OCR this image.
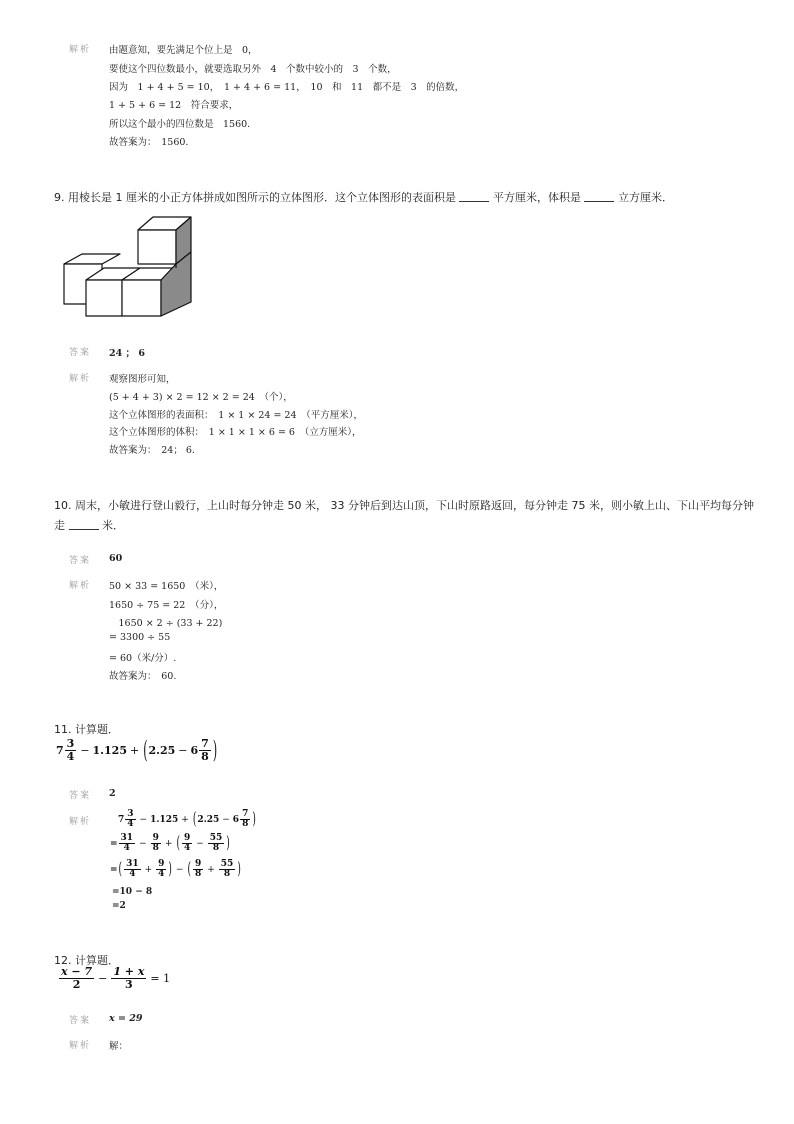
解析 由题意知，要先满足个位上是　0，
要使这个四位数最小，就要选取另外　4　个数中较小的　3　个数，
因为　1 + 4 + 5 = 10，　1 + 4 + 6 = 11，　10　和　11　都不是　3　的倍数，
1 + 5 + 6 = 12　符合要求，
所以这个最小的四位数是　1560.
故答案为：　1560.
9. 用棱长是 1 厘米的小正方体拼成如图所示的立体图形．这个立体图形的表面积是	平方厘米，体积是	立方厘米．
答案 24 ； 6
解析 观察图形可知，
(5 + 4 + 3) × 2 = 12 × 2 = 24　（个），
这个立体图形的表面积：　1 × 1 × 24 = 24　（平方厘米），
这个立体图形的体积：　1 × 1 × 1 × 6 = 6　（立方厘米），
故答案为：　24； 6.
10. 周末，小敏进行登山毅行，上山时每分钟走 50 米， 33 分钟后到达山顶，下山时原路返回，每分钟走 75 米，则小敏上山、下山平均每分钟
走	米．
答案 60
解析 50 × 33 = 1650　（米），
1650 ÷ 75 = 22　（分），
　1650 × 2 ÷ (33 + 22)
= 3300 ÷ 55
= 60（米/分）.
故答案为：　60.
11. 计算题．
$7 \frac{3}{4} - 1.125$ + ( $2.25 - 6 \frac{7}{8}$ )
答案 2
解析	$7 \frac{3}{4} - 1.125$ + ( $2.25 - 6 \frac{7}{8}$ )
= $\frac{31}{4} - \frac{9}{8}$ + ( $\frac{9}{4} - \frac{55}{8}$ )
= ( $\frac{31}{4} + \frac{9}{4}$ ) − ( $\frac{9}{8} + \frac{55}{8}$ )
=10 − 8
=2
12. 计算题．
$\frac{x - 7}{2} - \frac{1 + x}{3} = 1$
答案 x = 29
解析 解：
